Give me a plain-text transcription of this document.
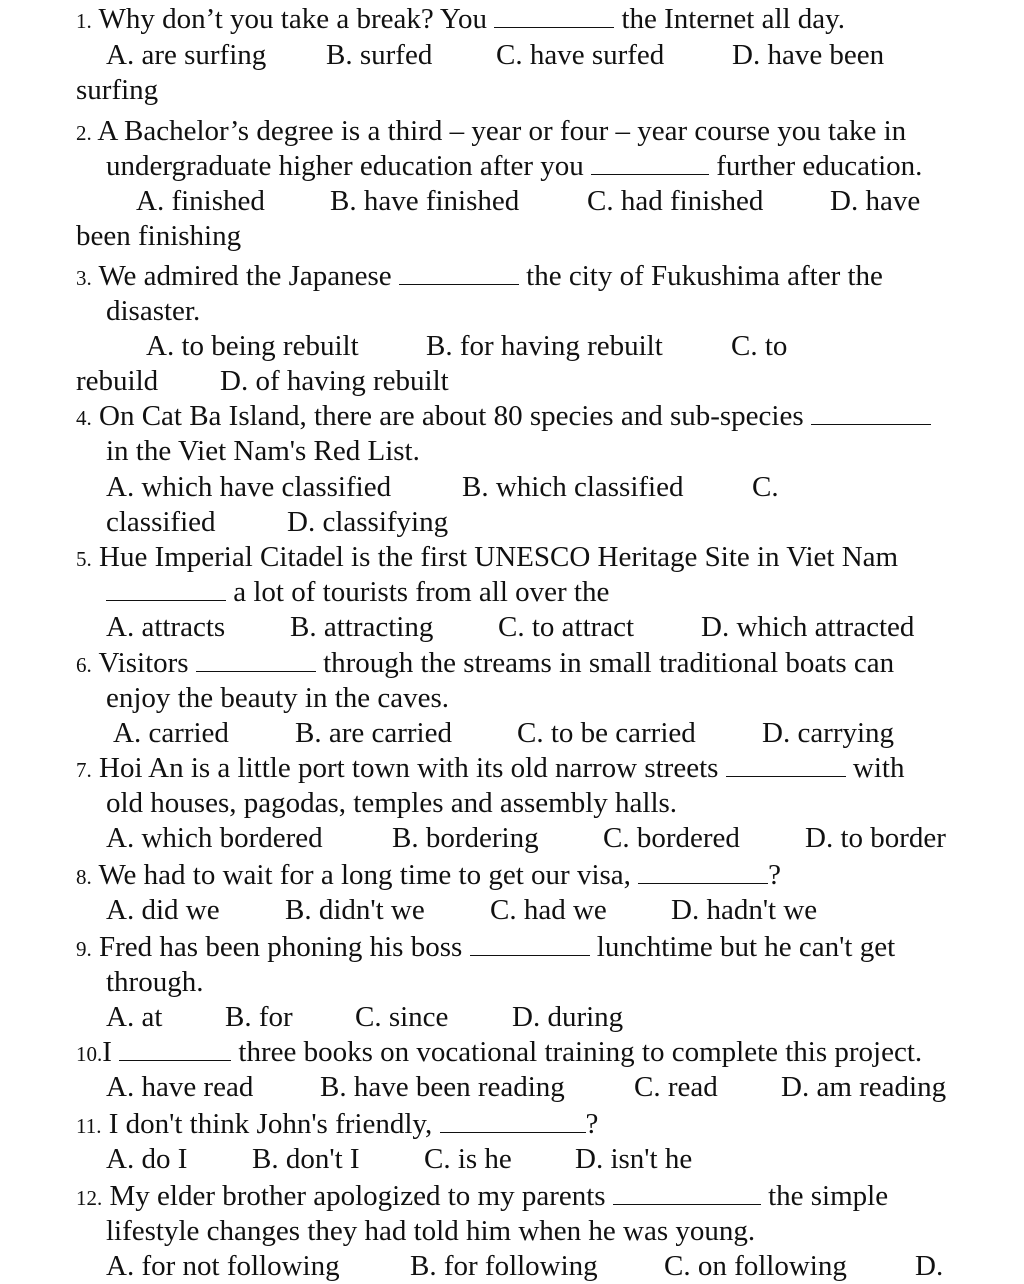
1. Why don’t you take a break? You	the Internet all day.
A. are surfing B. surfed C. have surfed D. have been
surfing
2. A Bachelor’s degree is a third – year or four – year course you take in
undergraduate higher education after you	further education.
A. finished B. have finished C. had finished D. have
been finishing
3. We admired the Japanese	the city of Fukushima after the
disaster.
A. to being rebuilt B. for having rebuilt C. to
rebuild D. of having rebuilt
4. On Cat Ba Island, there are about 80 species and sub-species
in the Viet Nam's Red List.
A. which have classified B. which classified C.
classified D. classifying
5. Hue Imperial Citadel is the first UNESCO Heritage Site in Viet Nam
a lot of tourists from all over the
A. attracts B. attracting C. to attract D. which attracted
6. Visitors	through the streams in small traditional boats can
enjoy the beauty in the caves.
A. carried B. are carried C. to be carried D. carrying
7. Hoi An is a little port town with its old narrow streets	with
old houses, pagodas, temples and assembly halls.
A. which bordered B. bordering C. bordered D. to border
8. We had to wait for a long time to get our visa,	?
A. did we B. didn't we C. had we D. hadn't we
9. Fred has been phoning his boss	lunchtime but he can't get
through.
A. at B. for C. since D. during
10.I	three books on vocational training to complete this project.
A. have read B. have been reading C. read D. am reading
11. I don't think John's friendly,	?
A. do I B. don't I C. is he D. isn't he
12. My elder brother apologized to my parents	the simple
lifestyle changes they had told him when he was young.
A. for not following B. for following C. on following D.
